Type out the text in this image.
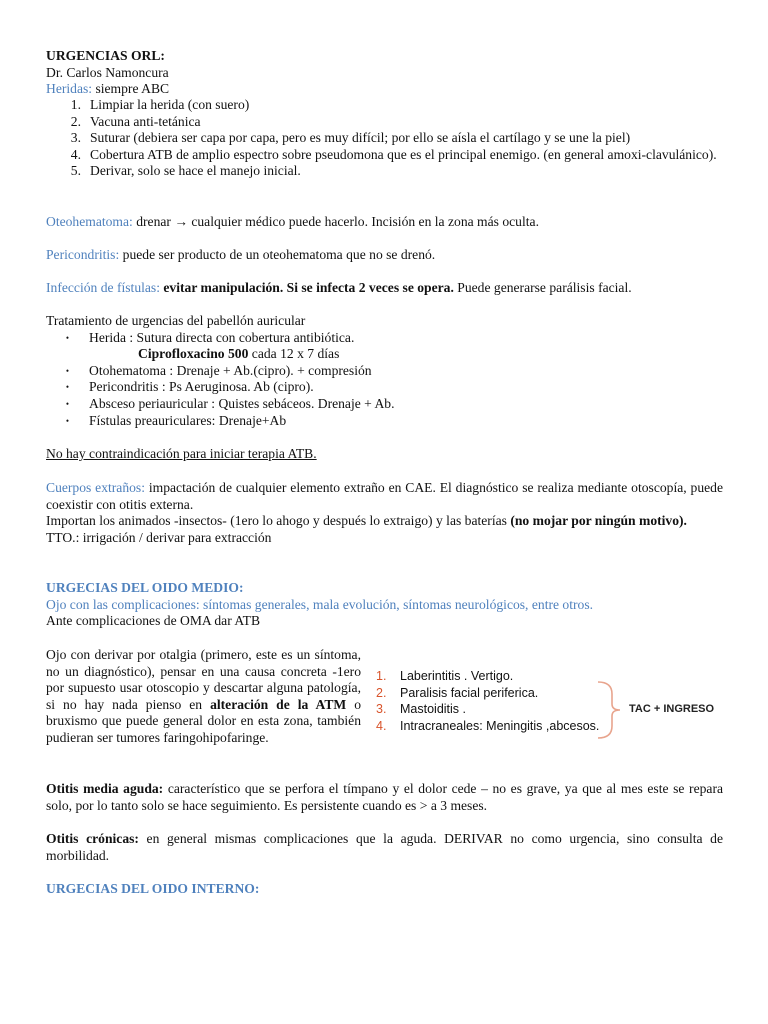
URGENCIAS ORL:

Dr. Carlos Namoncura

Heridas: siempre ABC

1. Limpiar la herida (con suero)
2. Vacuna anti-tetánica
3. Suturar (debiera ser capa por capa, pero es muy difícil; por ello se aísla el cartílago y se une la piel)
4. Cobertura ATB de amplio espectro sobre pseudomona que es el principal enemigo. (en general amoxi-clavulánico).
5. Derivar, solo se hace el manejo inicial.

Oteohematoma: drenar → cualquier médico puede hacerlo. Incisión en la zona más oculta.

Pericondritis: puede ser producto de un oteohematoma que no se drenó.

Infección de fístulas: evitar manipulación. Si se infecta 2 veces se opera. Puede generarse parálisis facial.

Tratamiento de urgencias del pabellón auricular

•	Herida : Sutura directa con cobertura antibiótica.
Ciprofloxacino 500 cada 12 x 7 días
•	Otohematoma : Drenaje + Ab.(cipro). + compresión
•	Pericondritis : Ps Aeruginosa. Ab (cipro).
•	Absceso periauricular : Quistes sebáceos. Drenaje + Ab.
•	Fístulas preauriculares: Drenaje+Ab

No hay contraindicación para iniciar terapia ATB.

Cuerpos extraños: impactación de cualquier elemento extraño en CAE. El diagnóstico se realiza mediante otoscopía, puede coexistir con otitis externa.

Importan los animados -insectos- (1ero lo ahogo y después lo extraigo) y las baterías (no mojar por ningún motivo).

TTO.: irrigación / derivar para extracción

URGECIAS DEL OIDO MEDIO:

Ojo con las complicaciones: síntomas generales, mala evolución, síntomas neurológicos, entre otros.

Ante complicaciones de OMA dar ATB

Ojo con derivar por otalgia (primero, este es un síntoma, no un diagnóstico), pensar en una causa concreta -1ero por supuesto usar otoscopio y descartar alguna patología, si no hay nada pienso en alteración de la ATM o bruxismo que puede general dolor en esta zona, también pudieran ser tumores faringohipofaringe.

1.	Laberintitis . Vertigo.
2.	Paralisis facial periferica.
3.	Mastoiditis .
4.	Intracraneales: Meningitis ,abcesos.
TAC + INGRESO

Otitis media aguda: característico que se perfora el tímpano y el dolor cede – no es grave, ya que al mes este se repara solo, por lo tanto solo se hace seguimiento. Es persistente cuando es > a 3 meses.

Otitis crónicas: en general mismas complicaciones que la aguda. DERIVAR no como urgencia, sino consulta de morbilidad.

URGECIAS DEL OIDO INTERNO:
